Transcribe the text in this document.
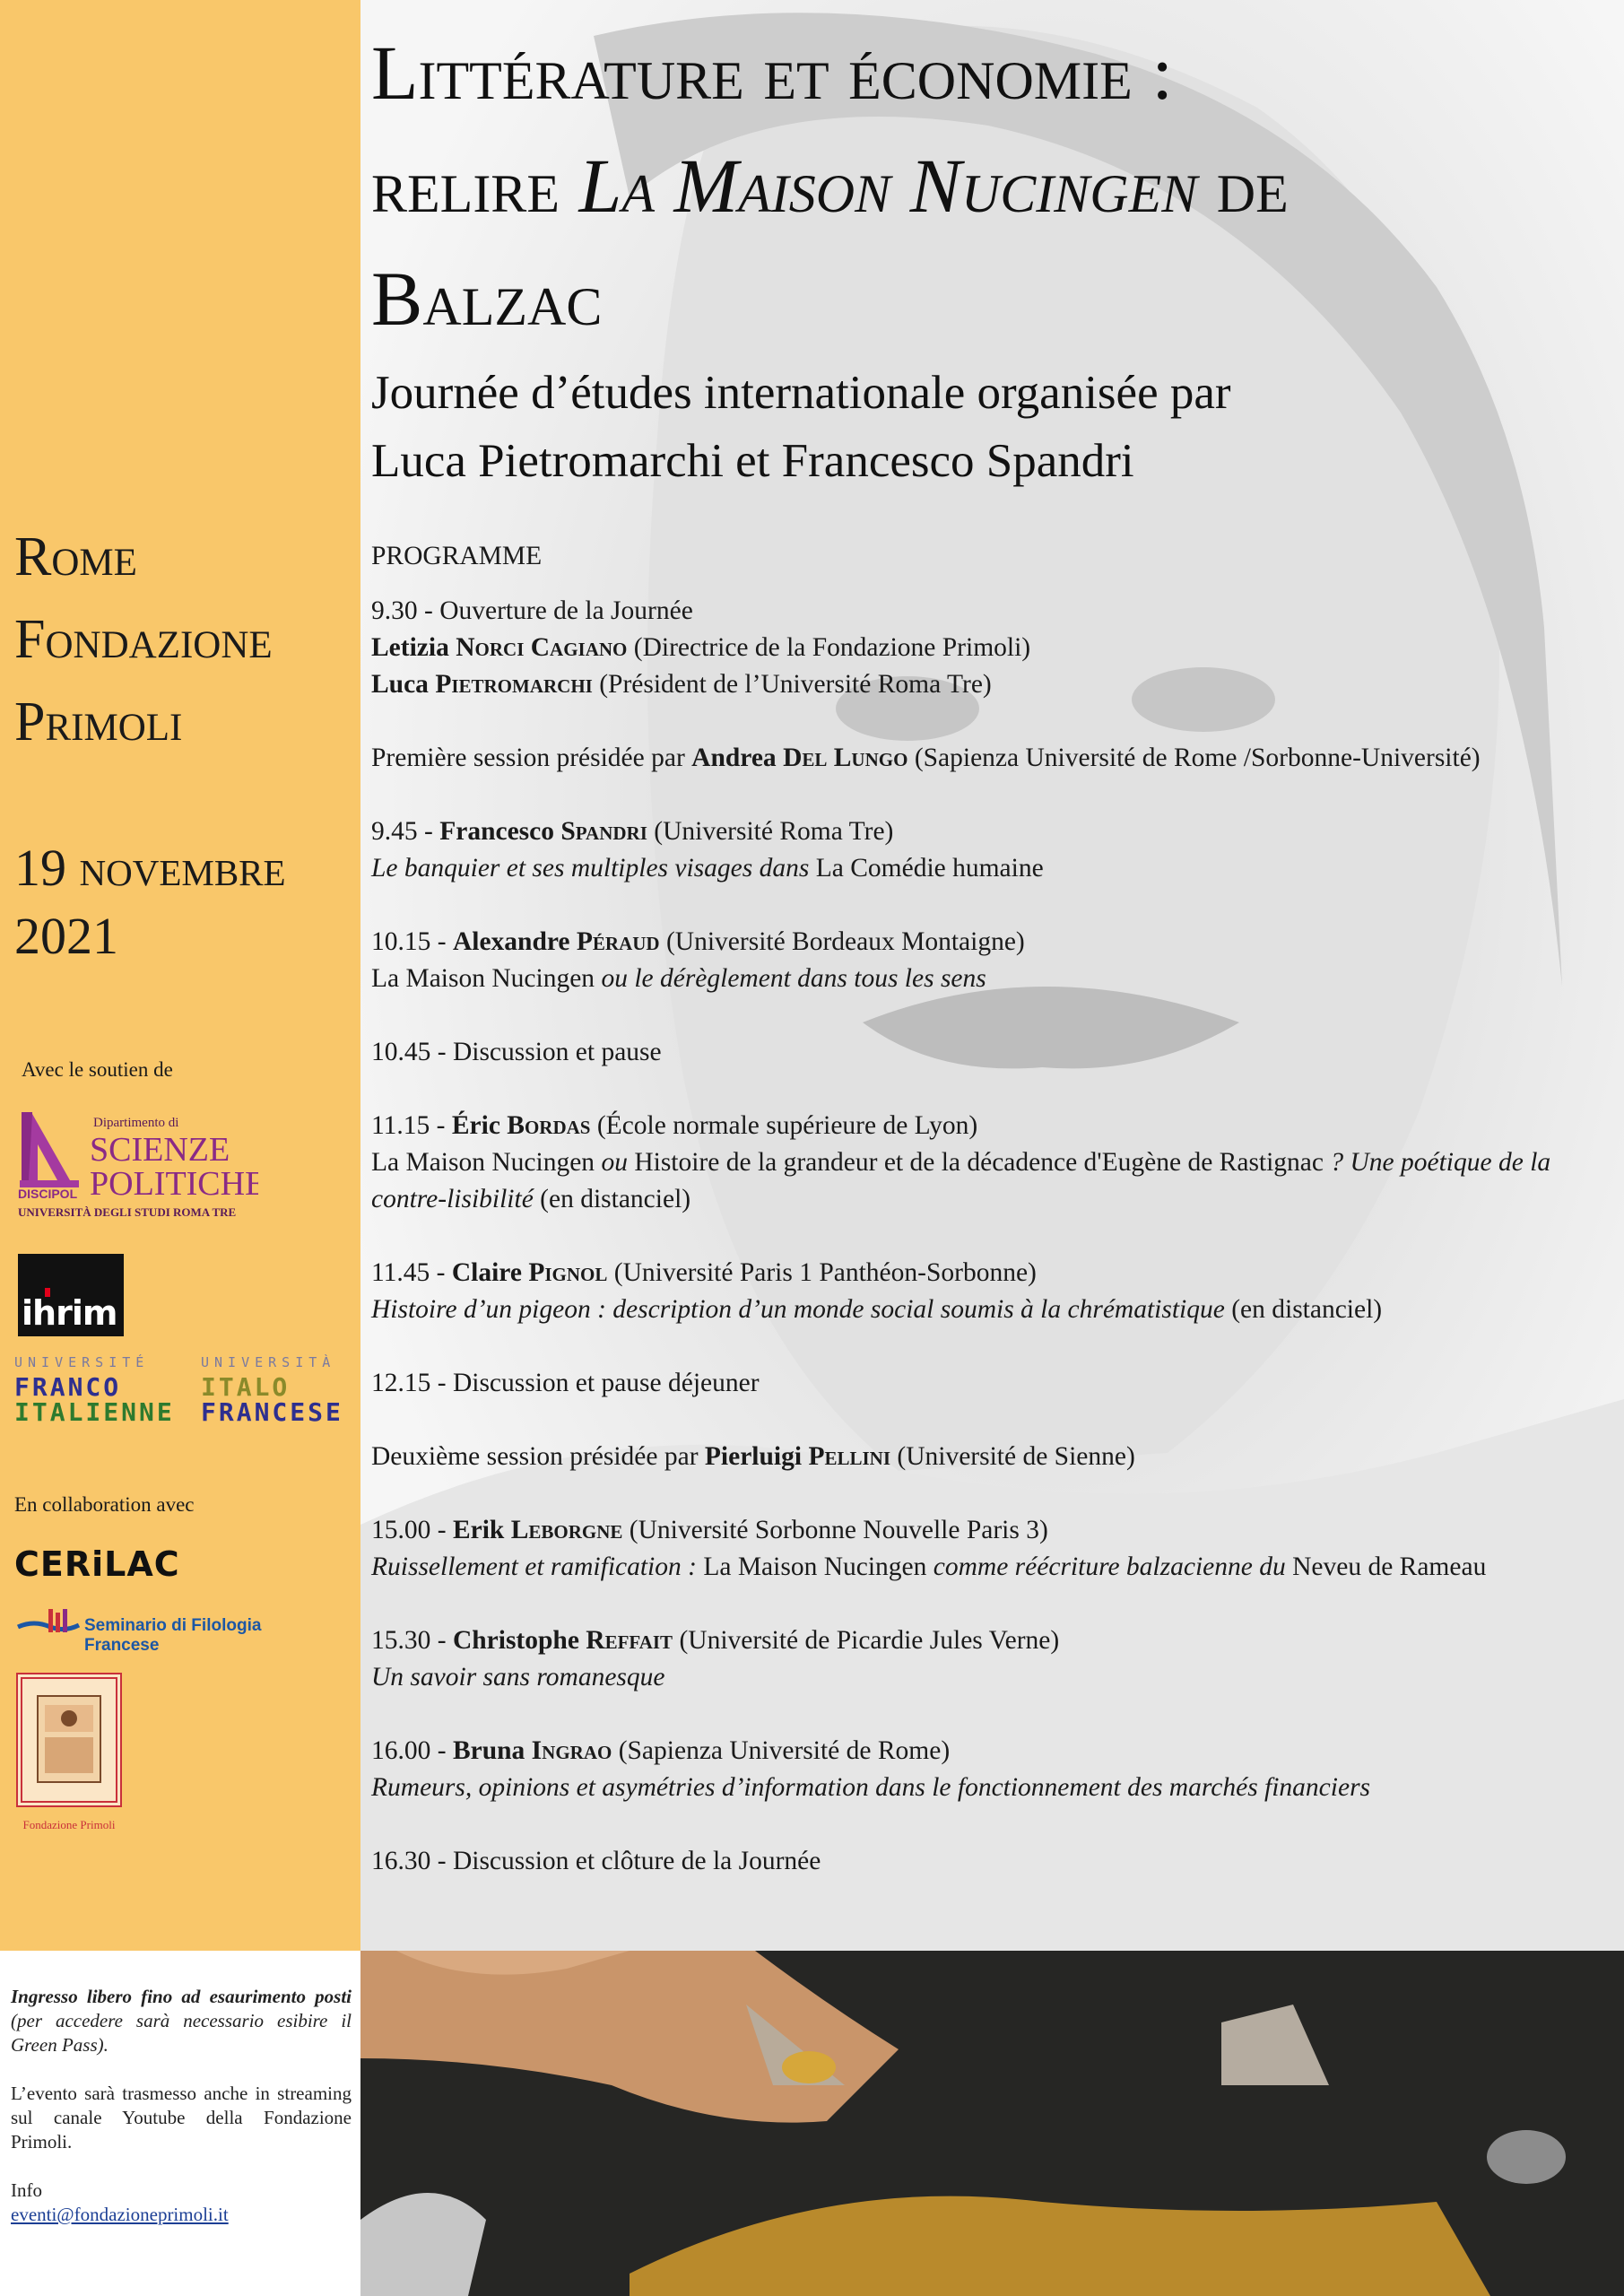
Rome
Fondazione
Primoli
19 novembre
2021
Avec le soutien de
DISCIPOL
Dipartimento di
SCIENZE
POLITICHE
UNIVERSITÀ DEGLI STUDI ROMA TRE
ihrim
UNIVERSITÉ	UNIVERSITÀ
FRANCO	ITALO
ITALIENNE FRANCESE
En collaboration avec
CERiLAC
Seminario di Filologia Francese
Fondazione Primoli

Ingresso libero fino ad esaurimento posti (per accedere sarà necessario esibire il Green Pass).

L’evento sarà trasmesso anche in streaming sul canale Youtube della Fondazione Primoli.

Info
eventi@fondazioneprimoli.it
Littérature et économie :
relire La Maison Nucingen de
Balzac
Journée d’études internationale organisée par
Luca Pietromarchi et Francesco Spandri
PROGRAMME
9.30 - Ouverture de la Journée
Letizia Norci Cagiano (Directrice de la Fondazione Primoli)
Luca Pietromarchi (Président de l’Université Roma Tre)
Première session présidée par Andrea Del Lungo (Sapienza Université de Rome /Sorbonne-Université)
9.45 - Francesco Spandri (Université Roma Tre)
Le banquier et ses multiples visages dans La Comédie humaine
10.15 - Alexandre Péraud (Université Bordeaux Montaigne)
La Maison Nucingen ou le dérèglement dans tous les sens
10.45 - Discussion et pause
11.15 - Éric Bordas (École normale supérieure de Lyon)
La Maison Nucingen ou Histoire de la grandeur et de la décadence d'Eugène de Rastignac ? Une poétique de la contre-lisibilité (en distanciel)
11.45 - Claire Pignol (Université Paris 1 Panthéon-Sorbonne)
Histoire d’un pigeon : description d’un monde social soumis à la chrématistique (en distanciel)
12.15 - Discussion et pause déjeuner
Deuxième session présidée par Pierluigi Pellini (Université de Sienne)
15.00 - Erik Leborgne (Université Sorbonne Nouvelle Paris 3)
Ruissellement et ramification : La Maison Nucingen comme réécriture balzacienne du Neveu de Rameau
15.30 - Christophe Reffait (Université de Picardie Jules Verne)
Un savoir sans romanesque
16.00 - Bruna Ingrao (Sapienza Université de Rome)
Rumeurs, opinions et asymétries d’information dans le fonctionnement des marchés financiers
16.30 - Discussion et clôture de la Journée
